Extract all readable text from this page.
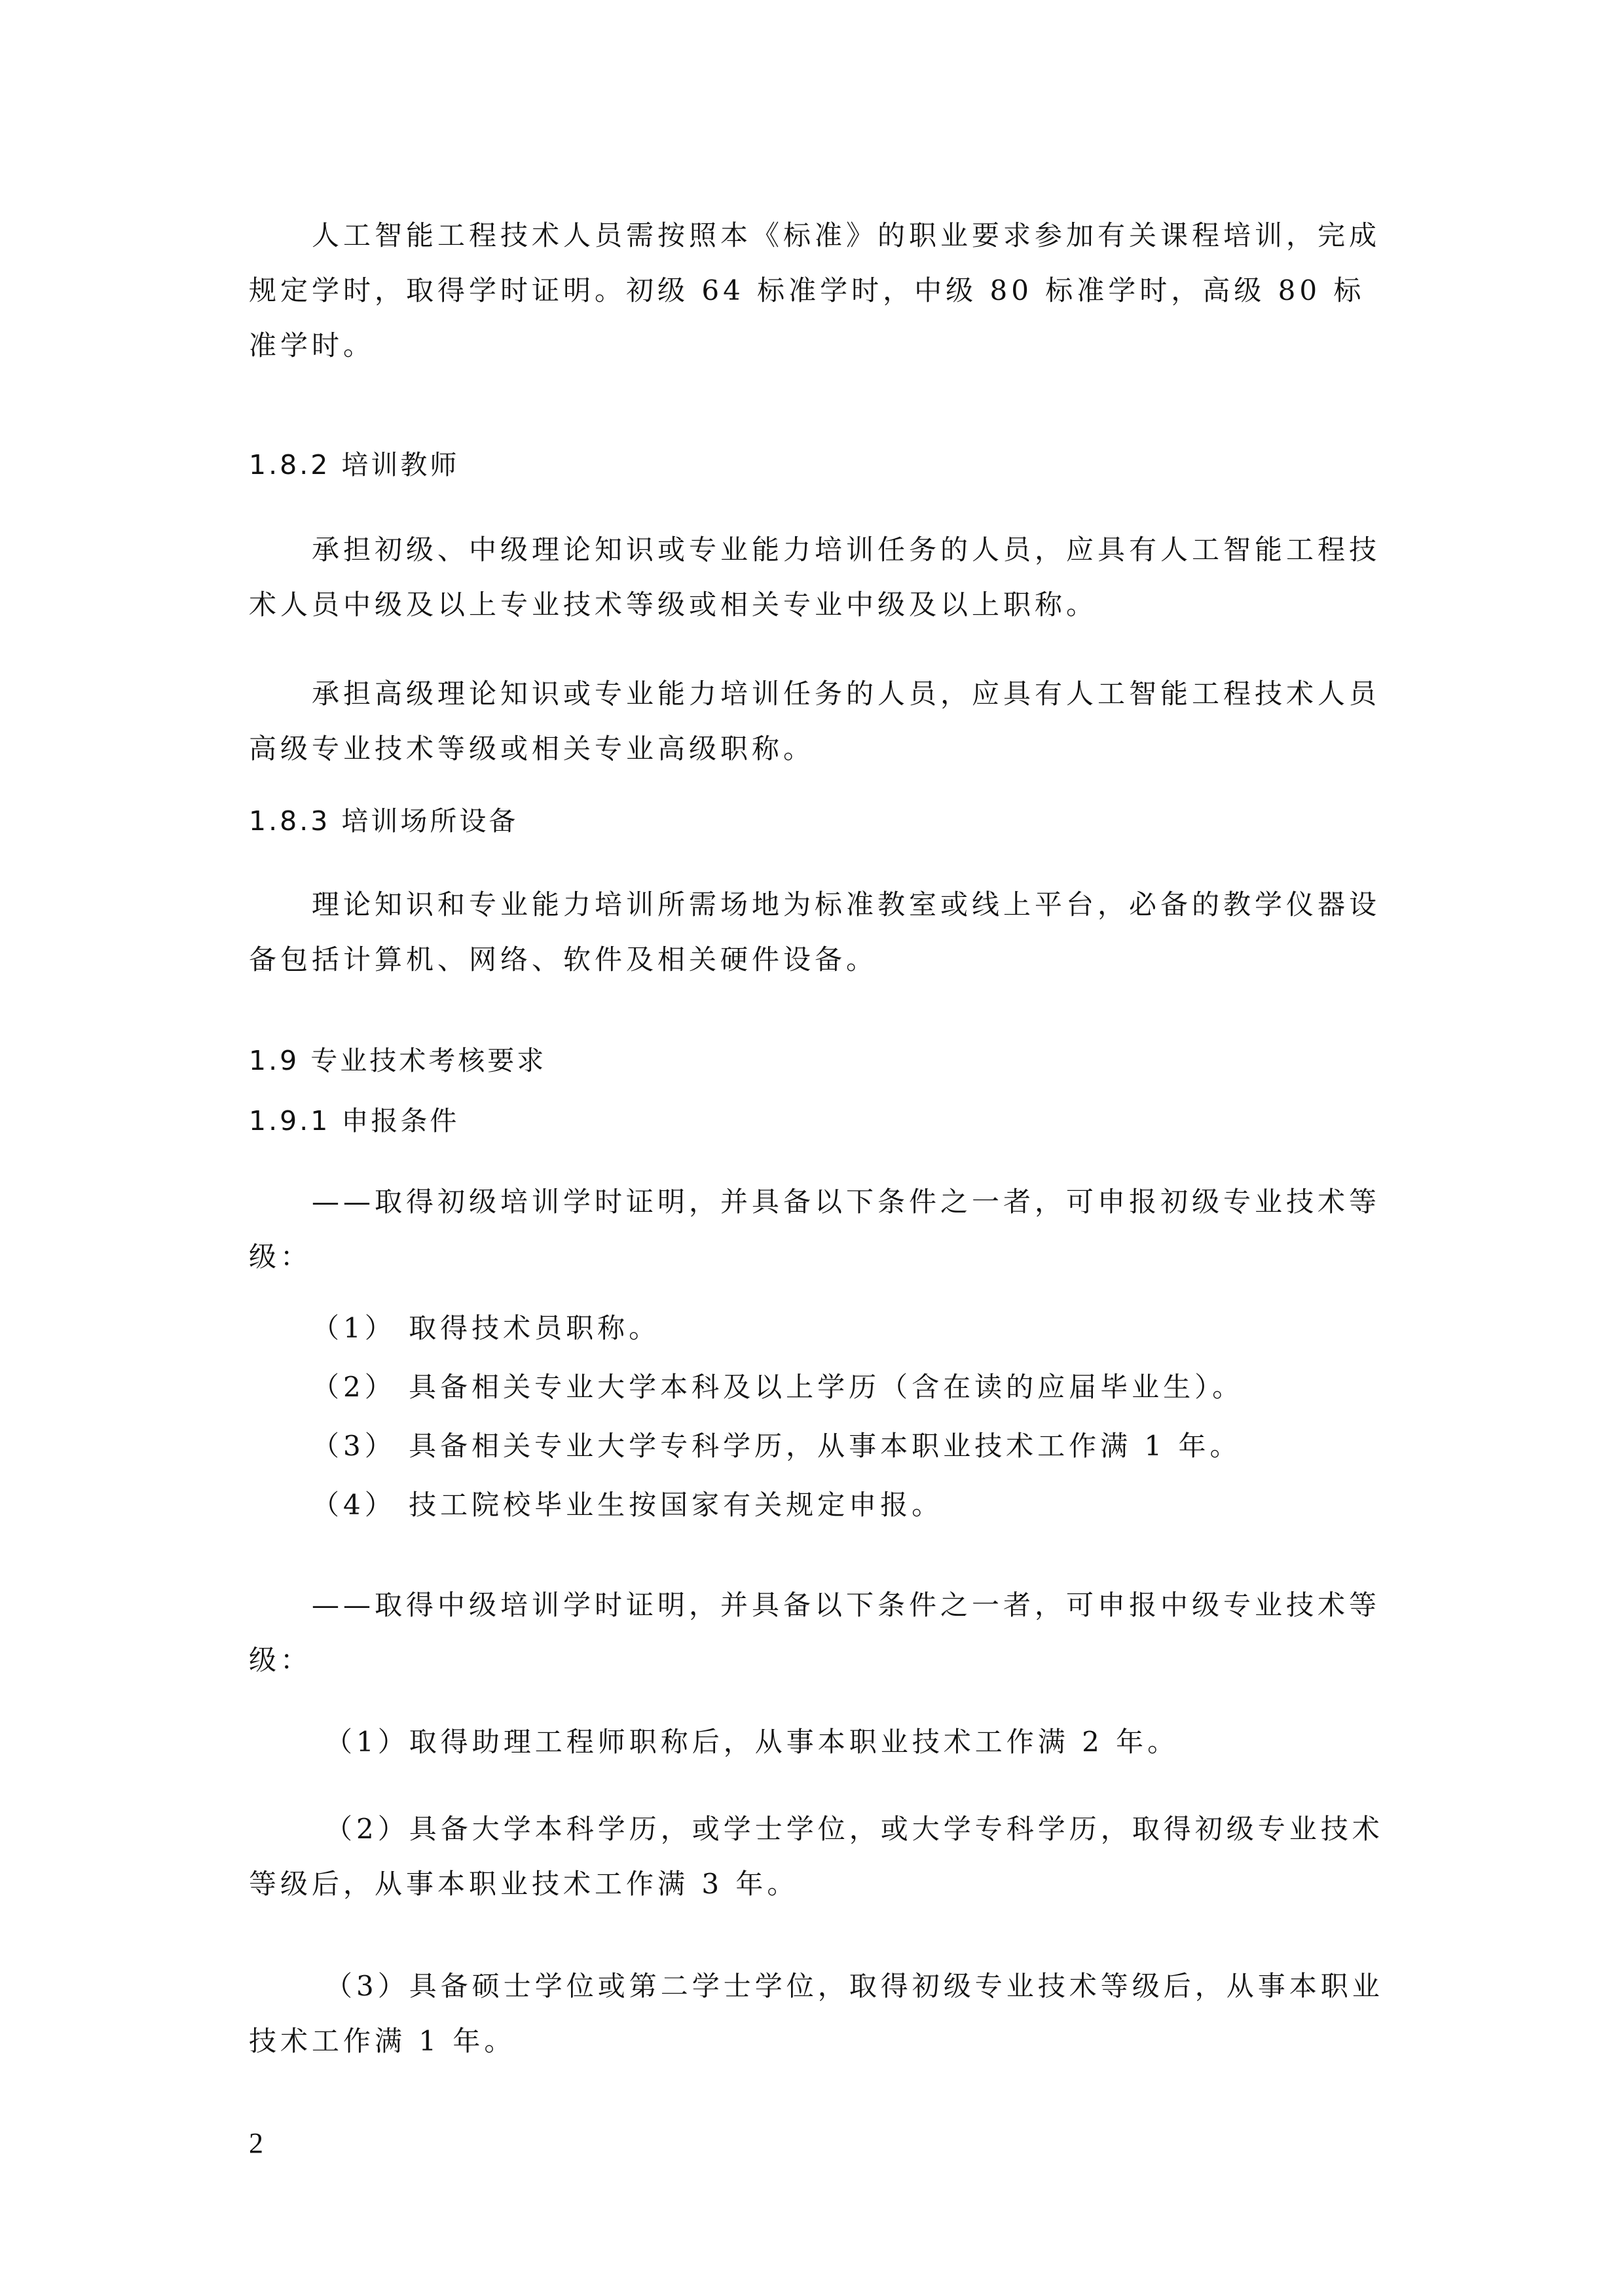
人工智能工程技术人员需按照本《标准》的职业要求参加有关课程培训，完成规定学时，取得学时证明。初级 64 标准学时，中级 80 标准学时，高级 80 标准学时。

1.8.2 培训教师

承担初级、中级理论知识或专业能力培训任务的人员，应具有人工智能工程技术人员中级及以上专业技术等级或相关专业中级及以上职称。

承担高级理论知识或专业能力培训任务的人员，应具有人工智能工程技术人员高级专业技术等级或相关专业高级职称。

1.8.3 培训场所设备

理论知识和专业能力培训所需场地为标准教室或线上平台，必备的教学仪器设备包括计算机、网络、软件及相关硬件设备。

1.9 专业技术考核要求
1.9.1 申报条件

——取得初级培训学时证明，并具备以下条件之一者，可申报初级专业技术等级：

（1） 取得技术员职称。
（2） 具备相关专业大学本科及以上学历（含在读的应届毕业生）。
（3） 具备相关专业大学专科学历，从事本职业技术工作满 1 年。
（4） 技工院校毕业生按国家有关规定申报。

——取得中级培训学时证明，并具备以下条件之一者，可申报中级专业技术等级：

（1）取得助理工程师职称后，从事本职业技术工作满 2 年。

（2）具备大学本科学历，或学士学位，或大学专科学历，取得初级专业技术等级后，从事本职业技术工作满 3 年。

（3）具备硕士学位或第二学士学位，取得初级专业技术等级后，从事本职业技术工作满 1 年。

2
